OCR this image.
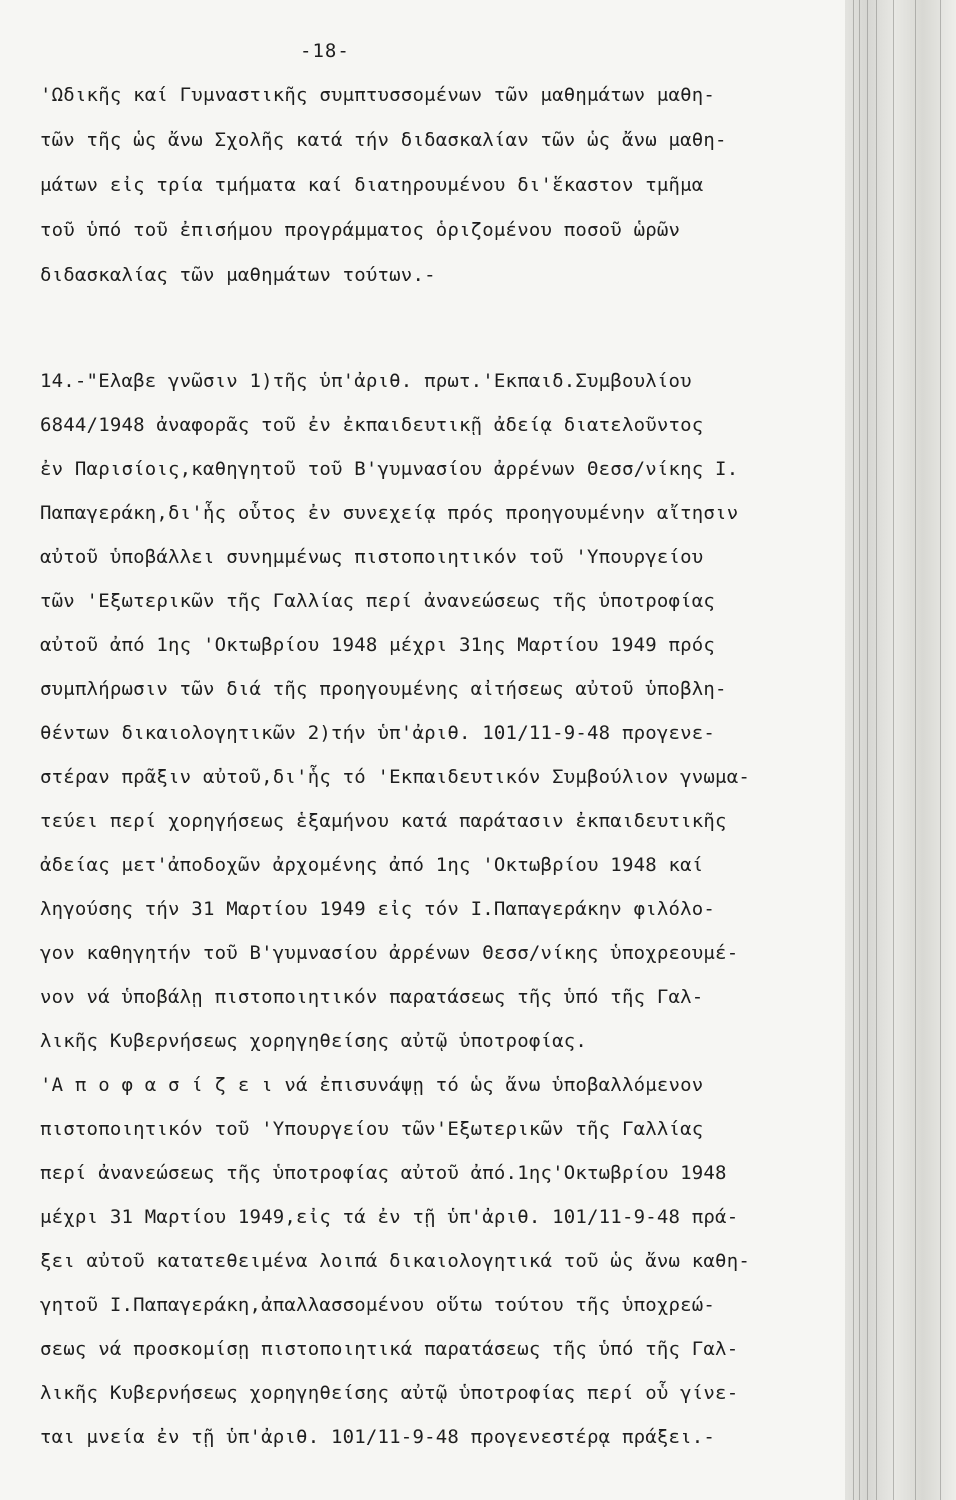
-18-
'Ωδικῆς καί Γυμναστικῆς συμπτυσσομένων τῶν μαθημάτων μαθη-
τῶν τῆς ὡς ἄνω Σχολῆς κατά τήν διδασκαλίαν τῶν ὡς ἄνω μαθη-
μάτων εἰς τρία τμήματα καί διατηρουμένου δι'ἕκαστον τμῆμα
τοῦ ὑπό τοῦ ἐπισήμου προγράμματος ὁριζομένου ποσοῦ ὡρῶν
διδασκαλίας τῶν μαθημάτων τούτων.-
14.-"Ελαβε γνῶσιν 1)τῆς ὑπ'ἀριθ. πρωτ.'Εκπαιδ.Συμβουλίου
6844/1948 ἀναφορᾶς τοῦ ἐν ἐκπαιδευτικῇ ἀδείᾳ διατελοῦντος
ἐν Παρισίοις,καθηγητοῦ τοῦ Β'γυμνασίου ἀρρένων Θεσσ/νίκης Ι.
Παπαγεράκη,δι'ἧς οὗτος ἐν συνεχείᾳ πρός προηγουμένην αἴτησιν
αὐτοῦ ὑποβάλλει συνημμένως πιστοποιητικόν τοῦ 'Υπουργείου
τῶν 'Εξωτερικῶν τῆς Γαλλίας περί ἀνανεώσεως τῆς ὑποτροφίας
αὐτοῦ ἀπό 1ης 'Οκτωβρίου 1948 μέχρι 31ης Μαρτίου 1949 πρός
συμπλήρωσιν τῶν διά τῆς προηγουμένης αἰτήσεως αὐτοῦ ὑποβλη-
θέντων δικαιολογητικῶν 2)τήν ὑπ'ἀριθ. 101/11-9-48 προγενε-
στέραν πρᾶξιν αὐτοῦ,δι'ἧς τό 'Εκπαιδευτικόν Συμβούλιον γνωμα-
τεύει περί χορηγήσεως ἑξαμήνου κατά παράτασιν ἐκπαιδευτικῆς
ἀδείας μετ'ἀποδοχῶν ἀρχομένης ἀπό 1ης 'Οκτωβρίου 1948 καί
ληγούσης τήν 31 Μαρτίου 1949 εἰς τόν Ι.Παπαγεράκην φιλόλο-
γον καθηγητήν τοῦ Β'γυμνασίου ἀρρένων Θεσσ/νίκης ὑποχρεουμέ-
νον νά ὑποβάλῃ πιστοποιητικόν παρατάσεως τῆς ὑπό τῆς Γαλ-
λικῆς Κυβερνήσεως χορηγηθείσης αὐτῷ ὑποτροφίας.
'Α π ο φ α σ ί ζ ε ι νά ἐπισυνάψῃ τό ὡς ἄνω ὑποβαλλόμενον
πιστοποιητικόν τοῦ 'Υπουργείου τῶν'Εξωτερικῶν τῆς Γαλλίας
περί ἀνανεώσεως τῆς ὑποτροφίας αὐτοῦ ἀπό.1ης'Οκτωβρίου 1948
μέχρι 31 Μαρτίου 1949,εἰς τά ἐν τῇ ὑπ'ἀριθ. 101/11-9-48 πρά-
ξει αὐτοῦ κατατεθειμένα λοιπά δικαιολογητικά τοῦ ὡς ἄνω καθη-
γητοῦ Ι.Παπαγεράκη,ἀπαλλασσομένου οὕτω τούτου τῆς ὑποχρεώ-
σεως νά προσκομίσῃ πιστοποιητικά παρατάσεως τῆς ὑπό τῆς Γαλ-
λικῆς Κυβερνήσεως χορηγηθείσης αὐτῷ ὑποτροφίας περί οὗ γίνε-
ται μνεία ἐν τῇ ὑπ'ἀριθ. 101/11-9-48 προγενεστέρᾳ πράξει.-
